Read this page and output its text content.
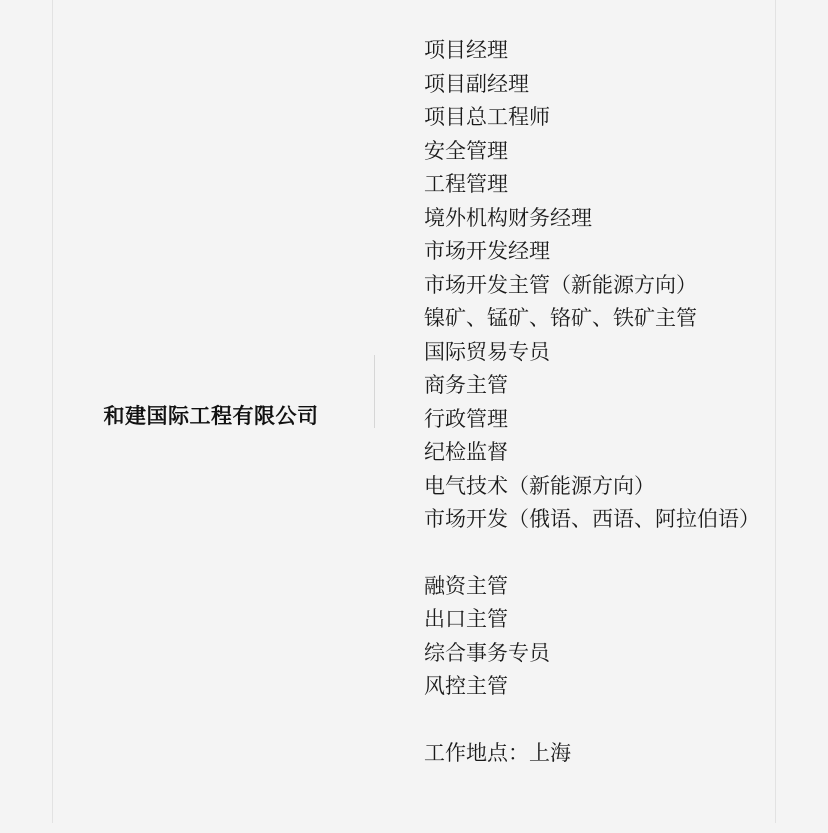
和建国际工程有限公司
项目经理
项目副经理
项目总工程师
安全管理
工程管理
境外机构财务经理
市场开发经理
市场开发主管（新能源方向）
镍矿、锰矿、铬矿、铁矿主管
国际贸易专员
商务主管
行政管理
纪检监督
电气技术（新能源方向）
市场开发（俄语、西语、阿拉伯语）
融资主管
出口主管
综合事务专员
风控主管
工作地点：上海
